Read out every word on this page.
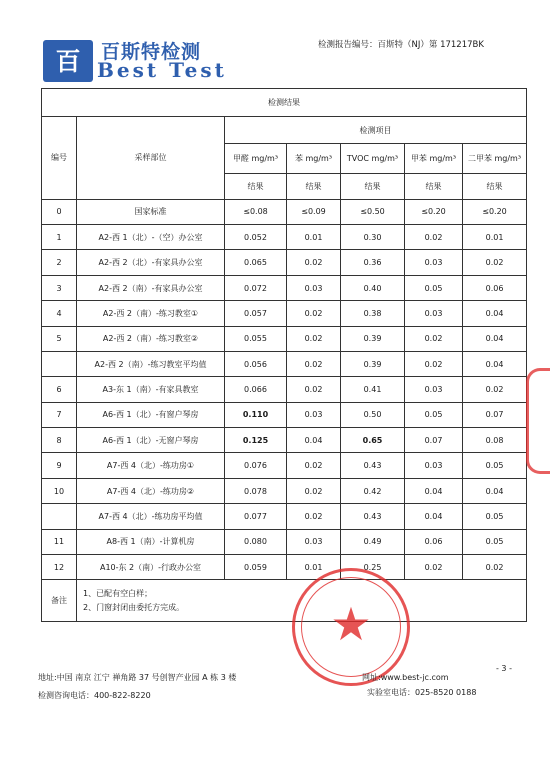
百 百斯特检测
Best Test
检测报告编号：百斯特（NJ）第 171217BK
检测结果						
编号	采样部位	检测项目				
		甲醛 mg/m³	苯 mg/m³	TVOC mg/m³	甲苯 mg/m³	二甲苯 mg/m³
		结果	结果	结果	结果	结果
0	国家标准	≤0.08	≤0.09	≤0.50	≤0.20	≤0.20
1	A2-西 1（北）-（空）办公室	0.052	0.01	0.30	0.02	0.01
2	A2-西 2（北）-有家具办公室	0.065	0.02	0.36	0.03	0.02
3	A2-西 2（南）-有家具办公室	0.072	0.03	0.40	0.05	0.06
4	A2-西 2（南）-练习教室①	0.057	0.02	0.38	0.03	0.04
5	A2-西 2（南）-练习教室②	0.055	0.02	0.39	0.02	0.04
	A2-西 2（南）-练习教室平均值	0.056	0.02	0.39	0.02	0.04
6	A3-东 1（南）-有家具教室	0.066	0.02	0.41	0.03	0.02
7	A6-西 1（北）-有窗户琴房	0.110	0.03	0.50	0.05	0.07
8	A6-西 1（北）-无窗户琴房	0.125	0.04	0.65	0.07	0.08
9	A7-西 4（北）-练功房①	0.076	0.02	0.43	0.03	0.05
10	A7-西 4（北）-练功房②	0.078	0.02	0.42	0.04	0.04
	A7-西 4（北）-练功房平均值	0.077	0.02	0.43	0.04	0.05
11	A8-西 1（南）-计算机房	0.080	0.03	0.49	0.06	0.05
12	A10-东 2（南）-行政办公室	0.059	0.01	0.25	0.02	0.02
备注	1、已配有空白样；
2、门窗封闭由委托方完成。						★
地址:中国 南京 江宁 禅角路 37 号创智产业园 A 栋 3 楼	网址:www.best-jc.com
- 3 -
检测咨询电话：400-822-8220	实验室电话：025-8520 0188
